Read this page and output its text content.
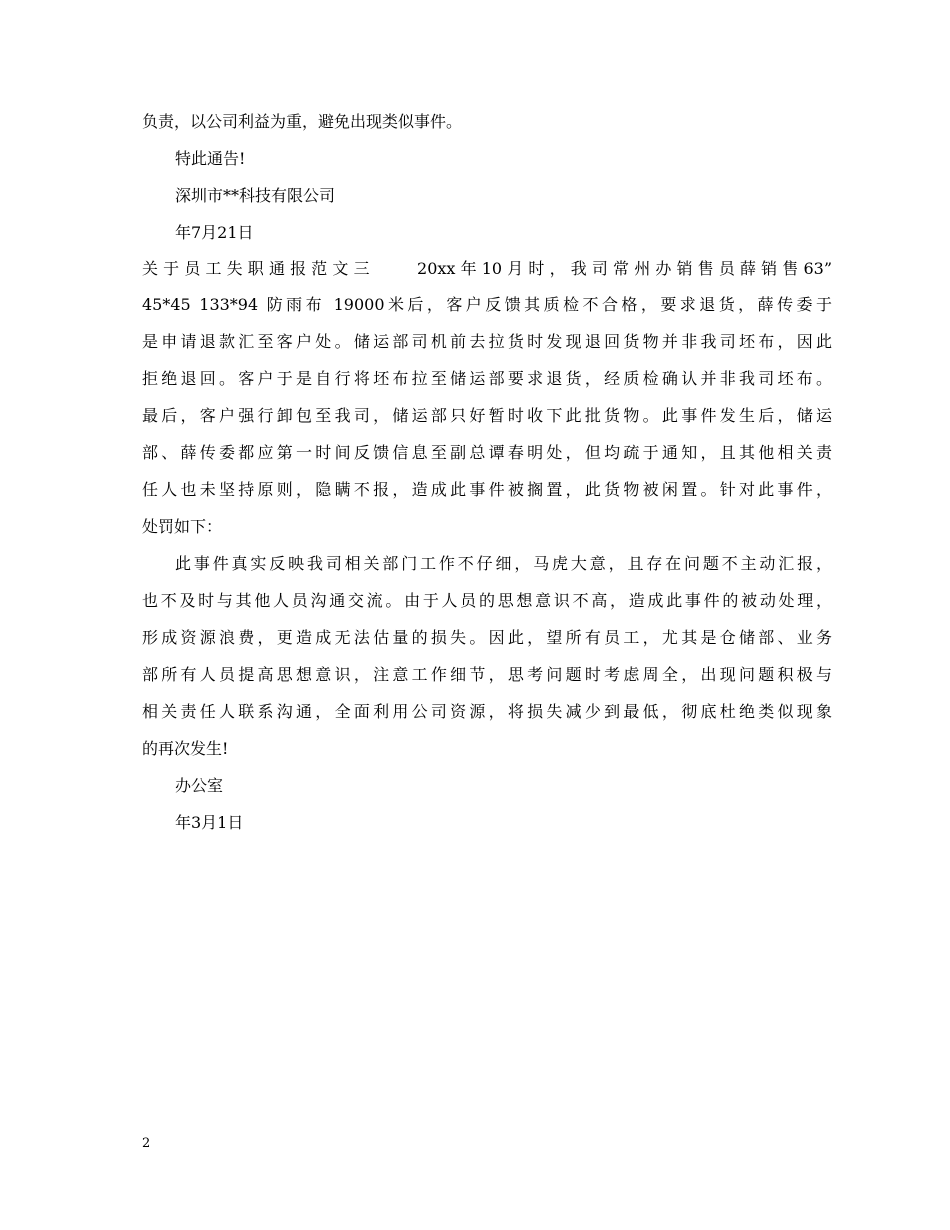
负责，以公司利益为重，避免出现类似事件。
特此通告!
深圳市**科技有限公司
年7月21日
关于员工失职通报范文三　　20xx年10月时，我司常州办销售员薛销售63”
45*45 133*94 防雨布 19000米后，客户反馈其质检不合格，要求退货，薛传委于
是申请退款汇至客户处。储运部司机前去拉货时发现退回货物并非我司坯布，因此
拒绝退回。客户于是自行将坯布拉至储运部要求退货，经质检确认并非我司坯布。
最后，客户强行卸包至我司，储运部只好暂时收下此批货物。此事件发生后，储运
部、薛传委都应第一时间反馈信息至副总谭春明处，但均疏于通知，且其他相关责
任人也未坚持原则，隐瞒不报，造成此事件被搁置，此货物被闲置。针对此事件，
处罚如下：
此事件真实反映我司相关部门工作不仔细，马虎大意，且存在问题不主动汇报，
也不及时与其他人员沟通交流。由于人员的思想意识不高，造成此事件的被动处理，
形成资源浪费，更造成无法估量的损失。因此，望所有员工，尤其是仓储部、业务
部所有人员提高思想意识，注意工作细节，思考问题时考虑周全，出现问题积极与
相关责任人联系沟通，全面利用公司资源，将损失减少到最低，彻底杜绝类似现象
的再次发生!
办公室
年3月1日
2
